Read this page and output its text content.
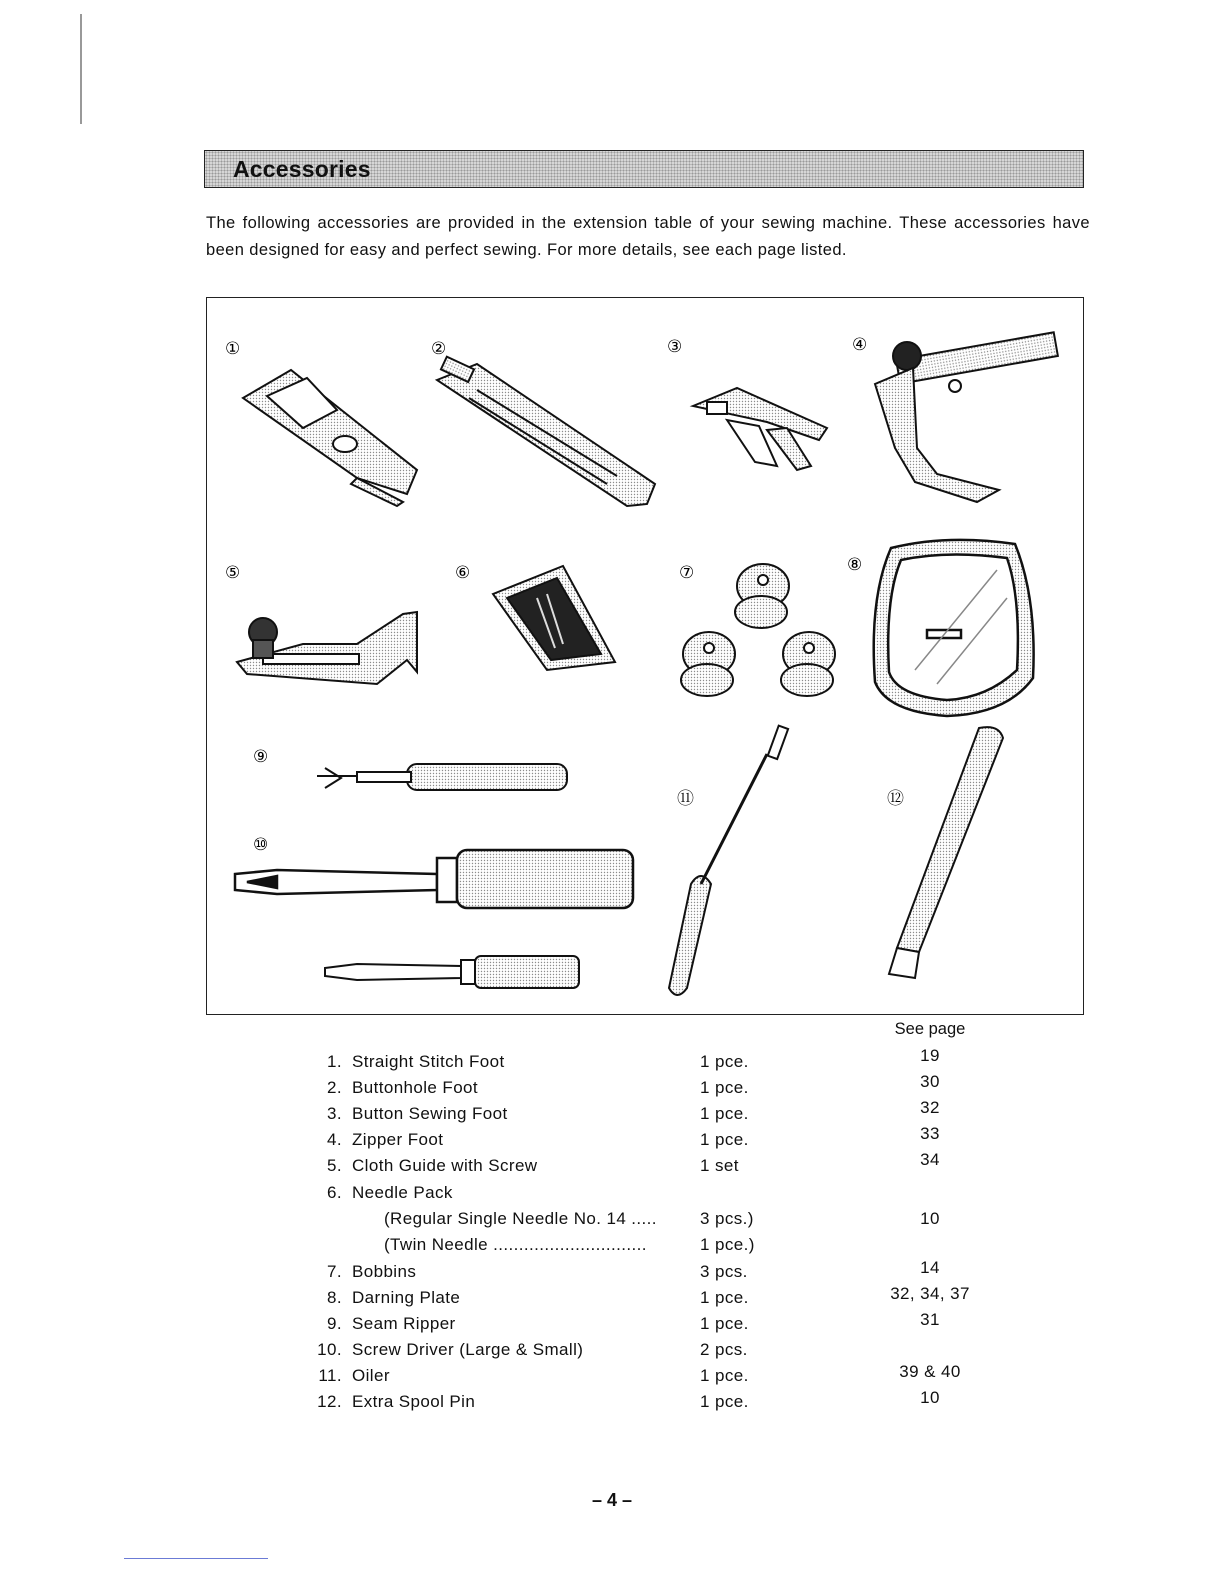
Accessories
The following accessories are provided in the extension table of your sewing machine. These accessories have been designed for easy and perfect sewing. For more details, see each page listed.
①	②	③	④
⑤	⑥	⑦	⑧
⑨
⑩
⑪	⑫
See page
1. Straight Stitch Foot	1 pce.	19
2. Buttonhole Foot	1 pce.	30
3. Button Sewing Foot	1 pce.	32
4. Zipper Foot	1 pce.	33
5. Cloth Guide with Screw	1 set	34
6. Needle Pack
(Regular Single Needle No. 14 .....	3 pcs.)	10
(Twin Needle ..............................	1 pce.)
7. Bobbins	3 pcs.	14
8. Darning Plate	1 pce.	32, 34, 37
9. Seam Ripper	1 pce.	31
10. Screw Driver (Large & Small)	2 pcs.
11. Oiler	1 pce.	39 & 40
12. Extra Spool Pin	1 pce.	10
– 4 –
